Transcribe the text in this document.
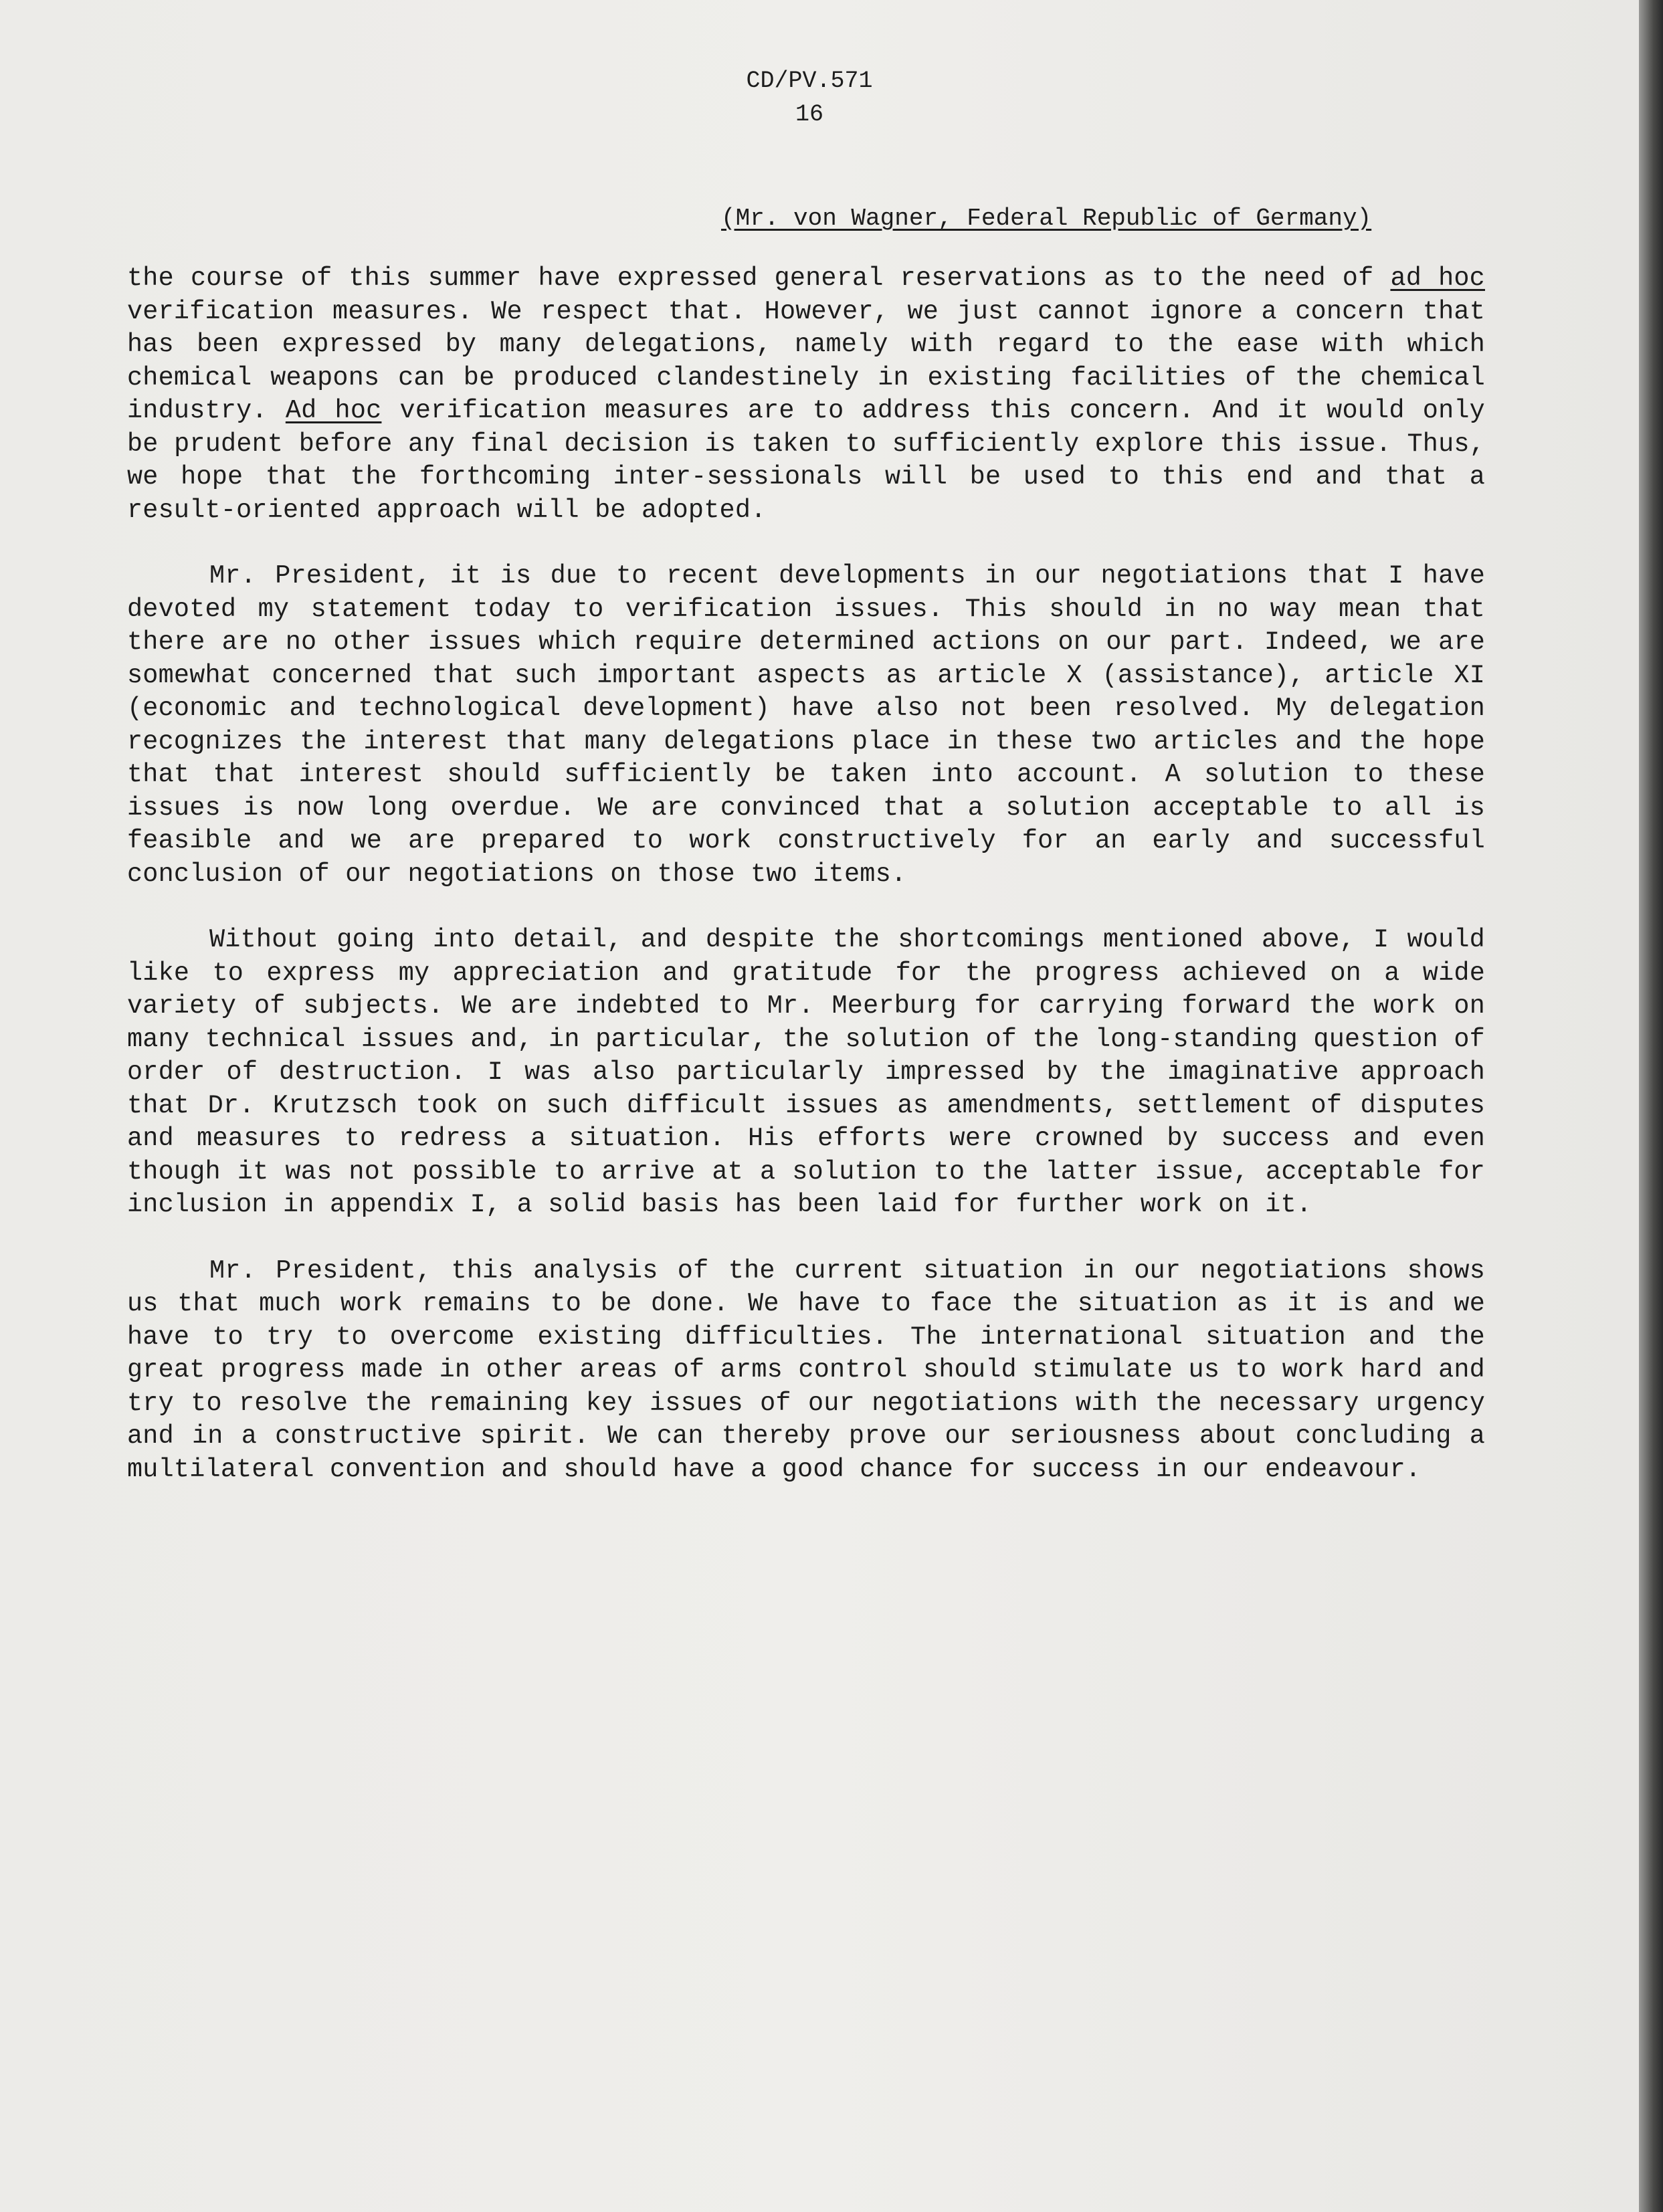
CD/PV.571
16
(Mr. von Wagner, Federal Republic of Germany)

the course of this summer have expressed general reservations as to the need of ad hoc verification measures. We respect that. However, we just cannot ignore a concern that has been expressed by many delegations, namely with regard to the ease with which chemical weapons can be produced clandestinely in existing facilities of the chemical industry. Ad hoc verification measures are to address this concern. And it would only be prudent before any final decision is taken to sufficiently explore this issue. Thus, we hope that the forthcoming inter-sessionals will be used to this end and that a result-oriented approach will be adopted.

Mr. President, it is due to recent developments in our negotiations that I have devoted my statement today to verification issues. This should in no way mean that there are no other issues which require determined actions on our part. Indeed, we are somewhat concerned that such important aspects as article X (assistance), article XI (economic and technological development) have also not been resolved. My delegation recognizes the interest that many delegations place in these two articles and the hope that that interest should sufficiently be taken into account. A solution to these issues is now long overdue. We are convinced that a solution acceptable to all is feasible and we are prepared to work constructively for an early and successful conclusion of our negotiations on those two items.

Without going into detail, and despite the shortcomings mentioned above, I would like to express my appreciation and gratitude for the progress achieved on a wide variety of subjects. We are indebted to Mr. Meerburg for carrying forward the work on many technical issues and, in particular, the solution of the long-standing question of order of destruction. I was also particularly impressed by the imaginative approach that Dr. Krutzsch took on such difficult issues as amendments, settlement of disputes and measures to redress a situation. His efforts were crowned by success and even though it was not possible to arrive at a solution to the latter issue, acceptable for inclusion in appendix I, a solid basis has been laid for further work on it.

Mr. President, this analysis of the current situation in our negotiations shows us that much work remains to be done. We have to face the situation as it is and we have to try to overcome existing difficulties. The international situation and the great progress made in other areas of arms control should stimulate us to work hard and try to resolve the remaining key issues of our negotiations with the necessary urgency and in a constructive spirit. We can thereby prove our seriousness about concluding a multilateral convention and should have a good chance for success in our endeavour.
